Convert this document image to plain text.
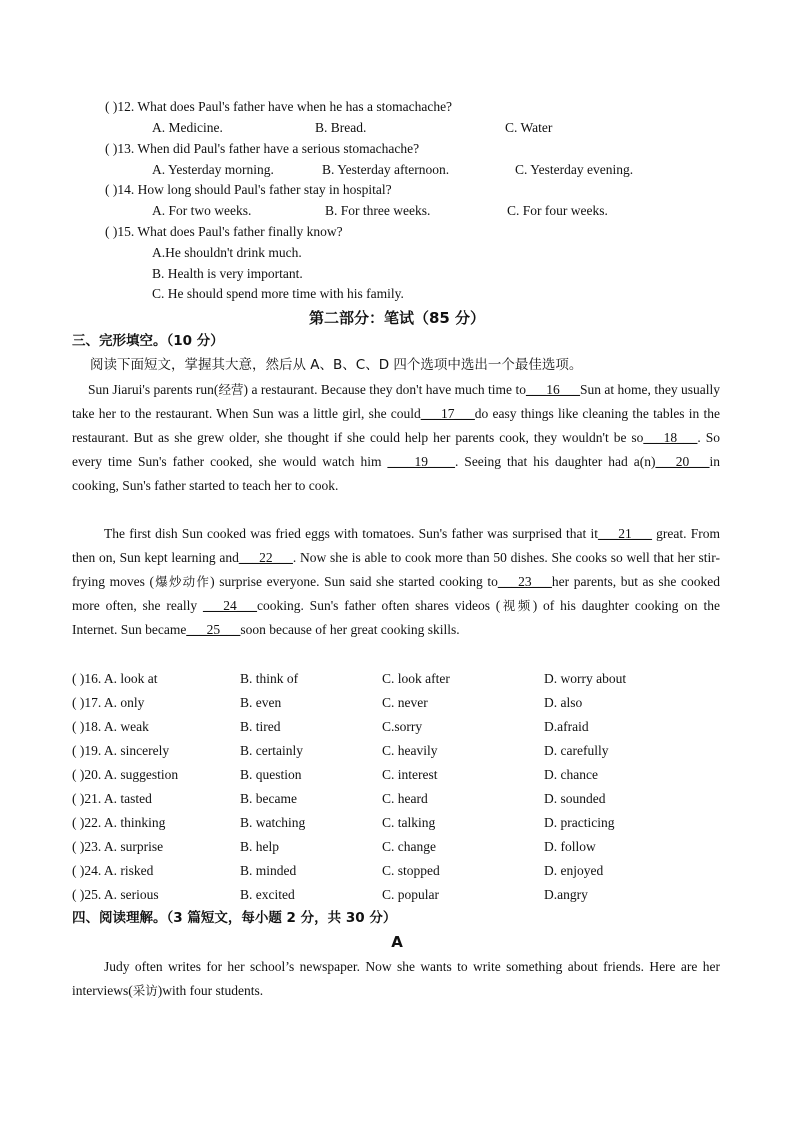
( )12. What does Paul's father have when he has a stomachache?
A. Medicine.	B. Bread.	C. Water
( )13. When did Paul's father have a serious stomachache?
A. Yesterday morning.	B. Yesterday afternoon.	C. Yesterday evening.
( )14. How long should Paul's father stay in hospital?
A. For two weeks.	B. For three weeks.	C. For four weeks.
( )15. What does Paul's father finally know?
A.He shouldn't drink much.
B. Health is very important.
C. He should spend more time with his family.
第二部分：笔试（85 分）
三、完形填空。（10 分）
阅读下面短文，掌握其大意，然后从 A、B、C、D 四个选项中选出一个最佳选项。
Sun Jiarui's parents run(经营) a restaurant. Because they don't have much time to___16___Sun at home, they usually take her to the restaurant. When Sun was a little girl, she could___17___do easy things like cleaning the tables in the restaurant. But as she grew older, she thought if she could help her parents cook, they wouldn't be so___18___. So every time Sun's father cooked, she would watch him ____19____. Seeing that his daughter had a(n)___20___in cooking, Sun's father started to teach her to cook.
The first dish Sun cooked was fried eggs with tomatoes. Sun's father was surprised that it___21___ great. From then on, Sun kept learning and___22___. Now she is able to cook more than 50 dishes. She cooks so well that her stir-frying moves (爆炒动作) surprise everyone. Sun said she started cooking to___23___her parents, but as she cooked more often, she really ___24___cooking. Sun's father often shares videos (视频) of his daughter cooking on the Internet. Sun became___25___soon because of her great cooking skills.
( )16. A. look at	B. think of	C. look after	D. worry about
( )17. A. only	B. even	C. never	D. also
( )18. A. weak	B. tired	C.sorry	D.afraid
( )19. A. sincerely	B. certainly	C. heavily	D. carefully
( )20. A. suggestion	B. question	C. interest	D. chance
( )21. A. tasted	B. became	C. heard	D. sounded
( )22. A. thinking	B. watching	C. talking	D. practicing
( )23. A. surprise	B. help	C. change	D. follow
( )24. A. risked	B. minded	C. stopped	D. enjoyed
( )25. A. serious	B. excited	C. popular	D.angry
四、阅读理解。（3 篇短文，每小题 2 分，共 30 分）
A
Judy often writes for her school’s newspaper. Now she wants to write something about friends. Here are her interviews(采访)with four students.
